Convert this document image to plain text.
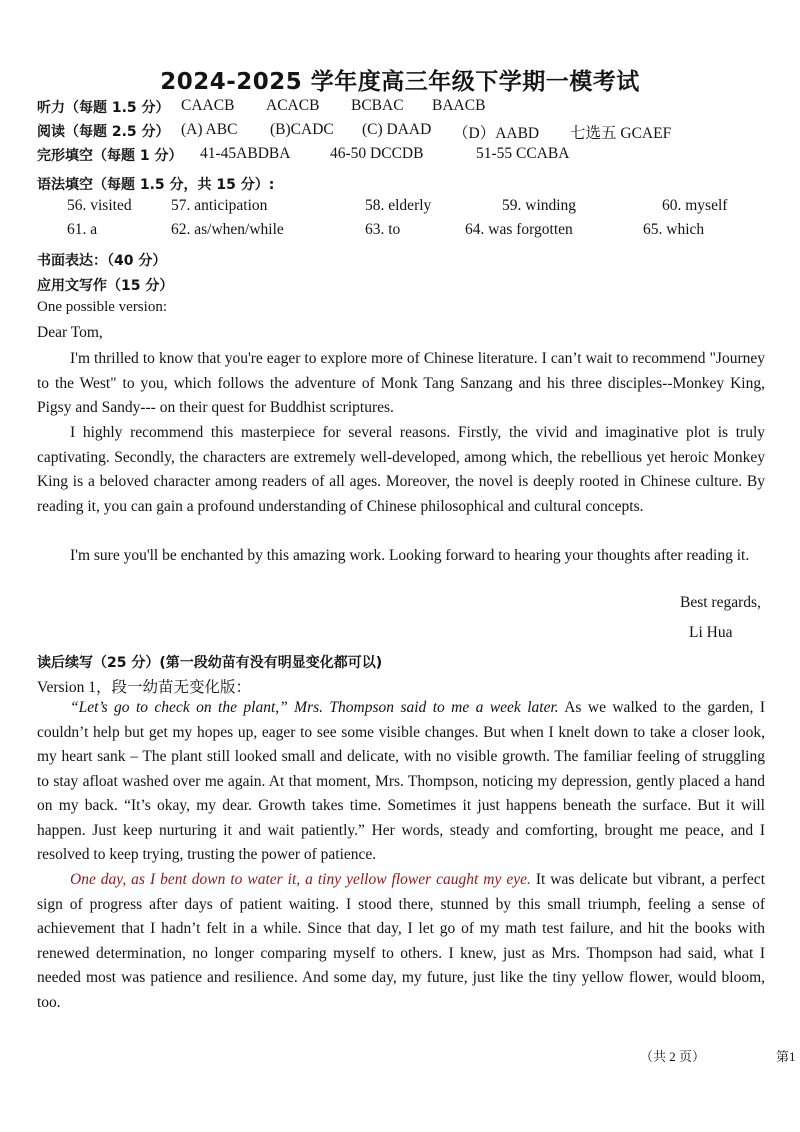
2024-2025 学年度高三年级下学期一模考试
听力（每题 1.5 分） CAACB ACACB BCBAC BAACB
阅读（每题 2.5 分） (A) ABC (B)CADC (C) DAAD （D）AABD 七选五 GCAEF
完形填空（每题 1 分） 41-45ABDBA	46-50 DCCDB	51-55 CCABA
语法填空（每题 1.5 分，共 15 分）:
56. visited	57. anticipation	58. elderly	59. winding	60. myself
61. a	62. as/when/while	63. to	64. was forgotten	65. which
书面表达：（40 分）
应用文写作（15 分）
One possible version:
Dear Tom,

I'm thrilled to know that you're eager to explore more of Chinese literature. I can’t wait to recommend "Journey to the West" to you, which follows the adventure of Monk Tang Sanzang and his three disciples--Monkey King, Pigsy and Sandy--- on their quest for Buddhist scriptures.

I highly recommend this masterpiece for several reasons. Firstly, the vivid and imaginative plot is truly captivating. Secondly, the characters are extremely well-developed, among which, the rebellious yet heroic Monkey King is a beloved character among readers of all ages. Moreover, the novel is deeply rooted in Chinese culture. By reading it, you can gain a profound understanding of Chinese philosophical and cultural concepts.

I'm sure you'll be enchanted by this amazing work. Looking forward to hearing your thoughts after reading it.

Best regards,
Li Hua
读后续写（25 分）(第一段幼苗有没有明显变化都可以)
Version 1，段一幼苗无变化版：

“Let’s go to check on the plant,” Mrs. Thompson said to me a week later. As we walked to the garden, I couldn’t help but get my hopes up, eager to see some visible changes. But when I knelt down to take a closer look, my heart sank – The plant still looked small and delicate, with no visible growth. The familiar feeling of struggling to stay afloat washed over me again. At that moment, Mrs. Thompson, noticing my depression, gently placed a hand on my back. “It’s okay, my dear. Growth takes time. Sometimes it just happens beneath the surface. But it will happen. Just keep nurturing it and wait patiently.” Her words, steady and comforting, brought me peace, and I resolved to keep trying, trusting the power of patience.

One day, as I bent down to water it, a tiny yellow flower caught my eye. It was delicate but vibrant, a perfect sign of progress after days of patient waiting. I stood there, stunned by this small triumph, feeling a sense of achievement that I hadn’t felt in a while. Since that day, I let go of my math test failure, and hit the books with renewed determination, no longer comparing myself to others. I knew, just as Mrs. Thompson had said, what I needed most was patience and resilience. And some day, my future, just like the tiny yellow flower, would bloom, too.

（共 2 页）	第1
